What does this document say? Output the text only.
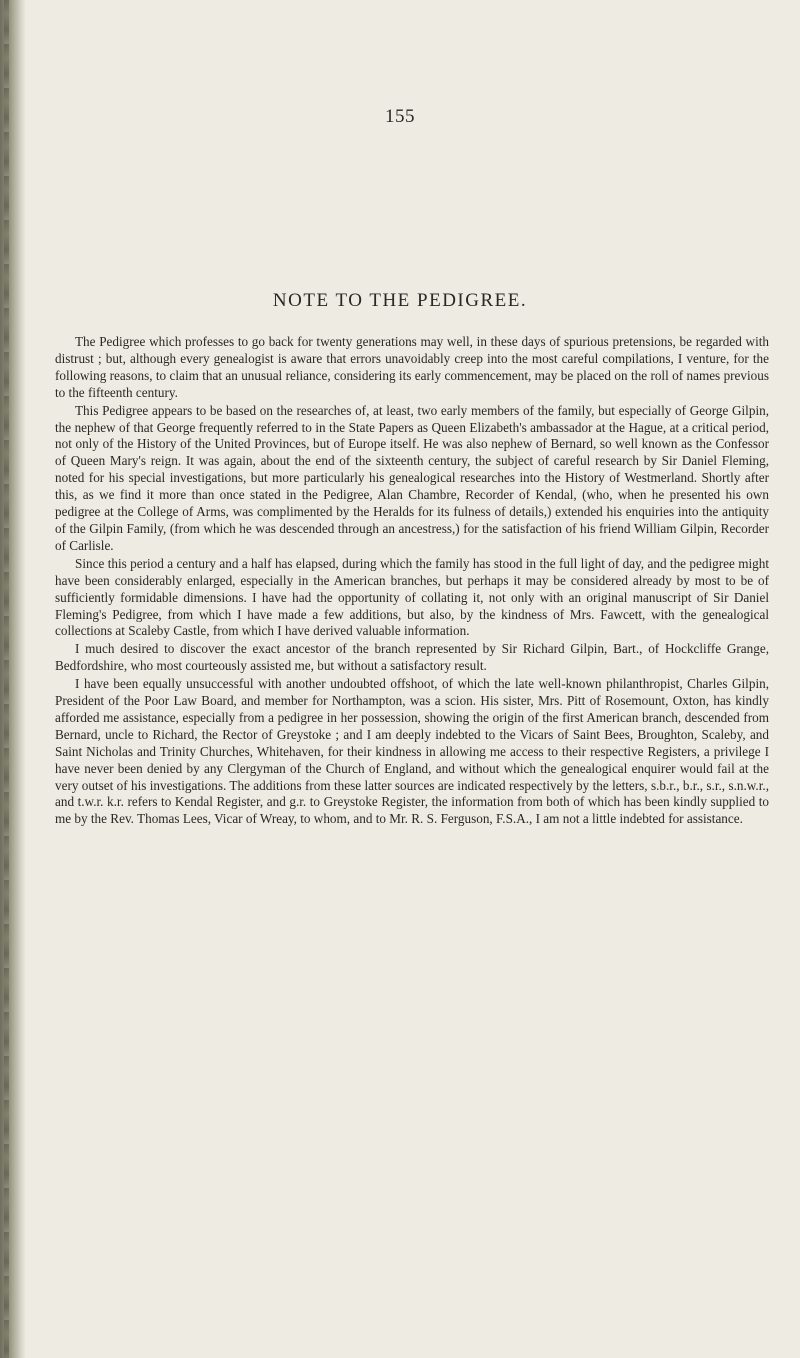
155
NOTE TO THE PEDIGREE.

The Pedigree which professes to go back for twenty generations may well, in these days of spurious pretensions, be regarded with distrust ; but, although every genealogist is aware that errors unavoidably creep into the most careful compilations, I venture, for the following reasons, to claim that an unusual reliance, considering its early commencement, may be placed on the roll of names previous to the fifteenth century.

This Pedigree appears to be based on the researches of, at least, two early members of the family, but especially of George Gilpin, the nephew of that George frequently referred to in the State Papers as Queen Elizabeth's ambassador at the Hague, at a critical period, not only of the History of the United Provinces, but of Europe itself. He was also nephew of Bernard, so well known as the Confessor of Queen Mary's reign. It was again, about the end of the sixteenth century, the subject of careful research by Sir Daniel Fleming, noted for his special investigations, but more particularly his genealogical researches into the History of Westmerland. Shortly after this, as we find it more than once stated in the Pedigree, Alan Chambre, Recorder of Kendal, (who, when he presented his own pedigree at the College of Arms, was complimented by the Heralds for its fulness of details,) extended his enquiries into the antiquity of the Gilpin Family, (from which he was descended through an ancestress,) for the satisfaction of his friend William Gilpin, Recorder of Carlisle.

Since this period a century and a half has elapsed, during which the family has stood in the full light of day, and the pedigree might have been considerably enlarged, especially in the American branches, but perhaps it may be considered already by most to be of sufficiently formidable dimensions. I have had the opportunity of collating it, not only with an original manuscript of Sir Daniel Fleming's Pedigree, from which I have made a few additions, but also, by the kindness of Mrs. Fawcett, with the genealogical collections at Scaleby Castle, from which I have derived valuable information.

I much desired to discover the exact ancestor of the branch represented by Sir Richard Gilpin, Bart., of Hockcliffe Grange, Bedfordshire, who most courteously assisted me, but without a satisfactory result.

I have been equally unsuccessful with another undoubted offshoot, of which the late well-known philanthropist, Charles Gilpin, President of the Poor Law Board, and member for Northampton, was a scion. His sister, Mrs. Pitt of Rosemount, Oxton, has kindly afforded me assistance, especially from a pedigree in her possession, showing the origin of the first American branch, descended from Bernard, uncle to Richard, the Rector of Greystoke ; and I am deeply indebted to the Vicars of Saint Bees, Broughton, Scaleby, and Saint Nicholas and Trinity Churches, Whitehaven, for their kindness in allowing me access to their respective Registers, a privilege I have never been denied by any Clergyman of the Church of England, and without which the genealogical enquirer would fail at the very outset of his investigations. The additions from these latter sources are indicated respectively by the letters, s.b.r., b.r., s.r., s.n.w.r., and t.w.r. k.r. refers to Kendal Register, and g.r. to Greystoke Register, the information from both of which has been kindly supplied to me by the Rev. Thomas Lees, Vicar of Wreay, to whom, and to Mr. R. S. Ferguson, F.S.A., I am not a little indebted for assistance.
